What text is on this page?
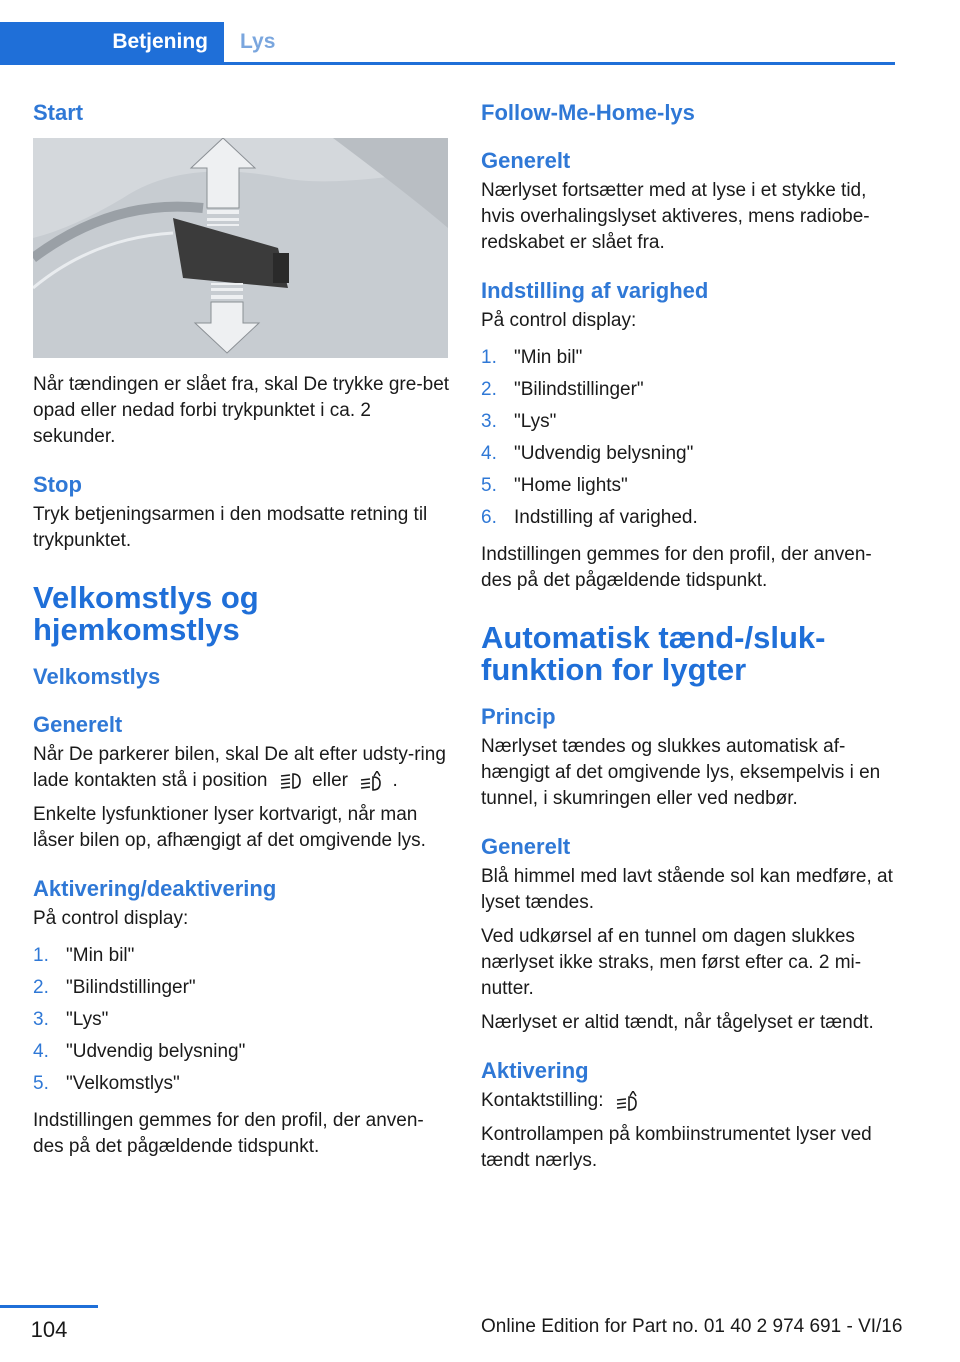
Betjening	Lys
Start

Når tændingen er slået fra, skal De trykke gre-bet opad eller nedad forbi trykpunktet i ca. 2 sekunder.

Stop

Tryk betjeningsarmen i den modsatte retning til trykpunktet.

Velkomstlys og hjemkomstlys
Velkomstlys
Generelt

Når De parkerer bilen, skal De alt efter udsty-ring lade kontakten stå i position eller .

Enkelte lysfunktioner lyser kortvarigt, når man låser bilen op, afhængigt af det omgivende lys.

Aktivering/deaktivering

På control display:

1. "Min bil"
2. "Bilindstillinger"
3. "Lys"
4. "Udvendig belysning"
5. "Velkomstlys"

Indstillingen gemmes for den profil, der anven-des på det pågældende tidspunkt.

Follow-Me-Home-lys
Generelt

Nærlyset fortsætter med at lyse i et stykke tid, hvis overhalingslyset aktiveres, mens radiobe-redskabet er slået fra.

Indstilling af varighed

På control display:

1. "Min bil"
2. "Bilindstillinger"
3. "Lys"
4. "Udvendig belysning"
5. "Home lights"
6. Indstilling af varighed.

Indstillingen gemmes for den profil, der anven-des på det pågældende tidspunkt.

Automatisk tænd-/sluk-funktion for lygter
Princip

Nærlyset tændes og slukkes automatisk af-hængigt af det omgivende lys, eksempelvis i en tunnel, i skumringen eller ved nedbør.

Generelt

Blå himmel med lavt stående sol kan medføre, at lyset tændes.

Ved udkørsel af en tunnel om dagen slukkes nærlyset ikke straks, men først efter ca. 2 mi-nutter.

Nærlyset er altid tændt, når tågelyset er tændt.

Aktivering

Kontaktstilling:

Kontrollampen på kombiinstrumentet lyser ved tændt nærlys.

104	Online Edition for Part no. 01 40 2 974 691 - VI/16
